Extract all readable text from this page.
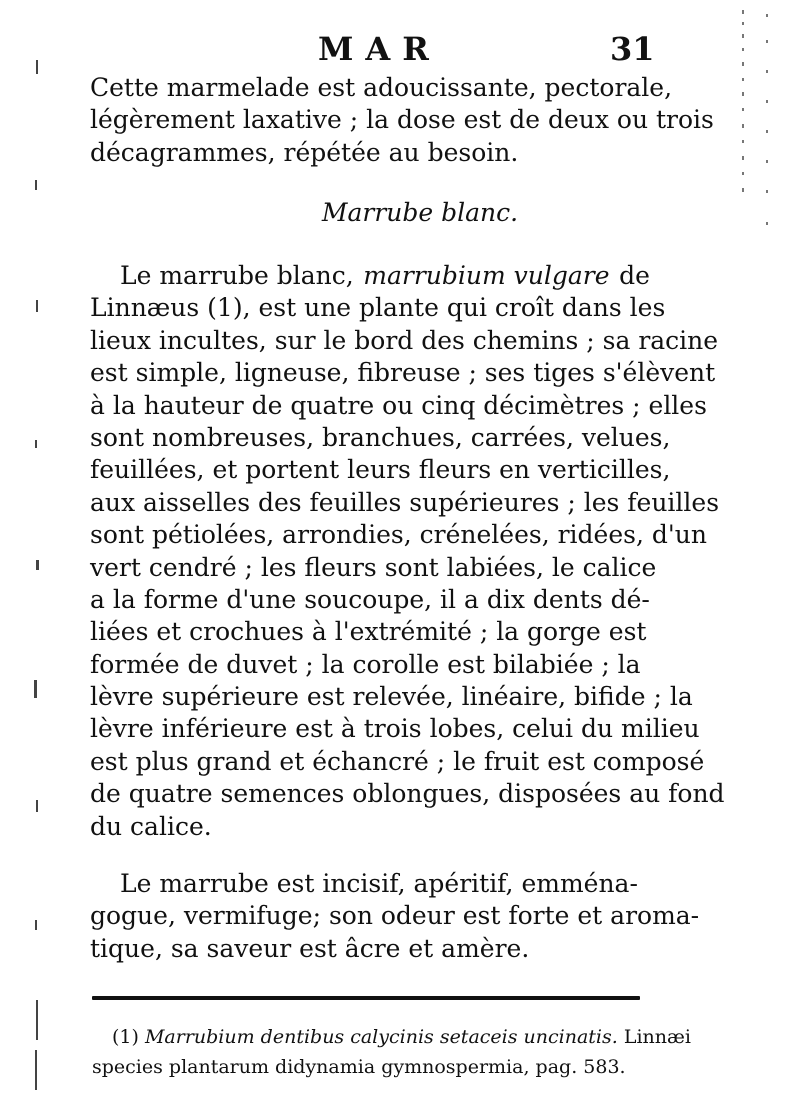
MAR	31
Cette marmelade est adoucissante, pectorale,
légèrement laxative ; la dose est de deux ou trois
décagrammes, répétée au besoin.
Marrube blanc.
Le marrube blanc, marrubium vulgare de
Linnæus (1), est une plante qui croît dans les
lieux incultes, sur le bord des chemins ; sa racine
est simple, ligneuse, fibreuse ; ses tiges s'élèvent
à la hauteur de quatre ou cinq décimètres ; elles
sont nombreuses, branchues, carrées, velues,
feuillées, et portent leurs fleurs en verticilles,
aux aisselles des feuilles supérieures ; les feuilles
sont pétiolées, arrondies, crénelées, ridées, d'un
vert cendré ; les fleurs sont labiées, le calice
a la forme d'une soucoupe, il a dix dents dé-
liées et crochues à l'extrémité ; la gorge est
formée de duvet ; la corolle est bilabiée ; la
lèvre supérieure est relevée, linéaire, bifide ; la
lèvre inférieure est à trois lobes, celui du milieu
est plus grand et échancré ; le fruit est composé
de quatre semences oblongues, disposées au fond
du calice.
Le marrube est incisif, apéritif, emména-
gogue, vermifuge; son odeur est forte et aroma-
tique, sa saveur est âcre et amère.
(1) Marrubium dentibus calycinis setaceis uncinatis. Linnæi
species plantarum didynamia gymnospermia, pag. 583.
